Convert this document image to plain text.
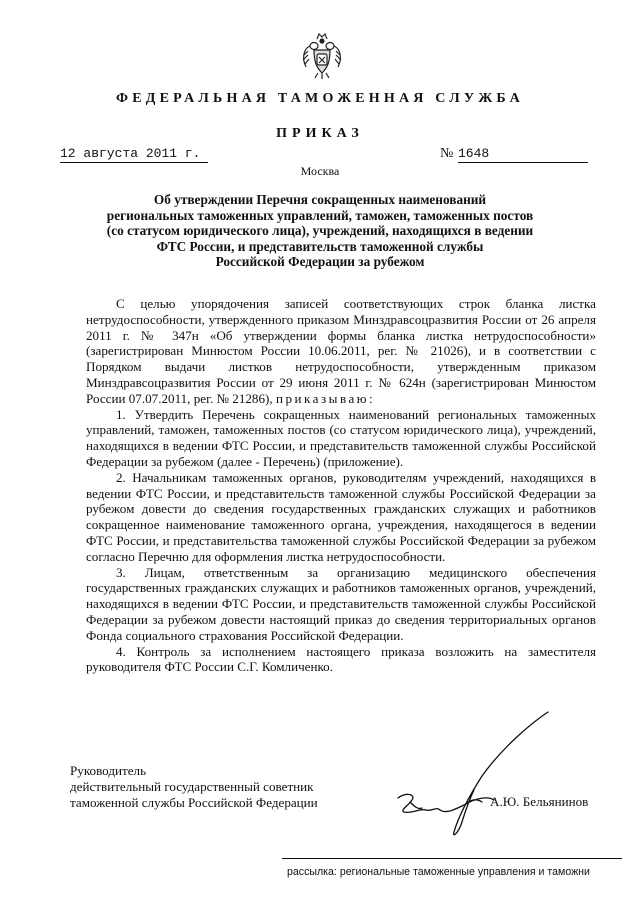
ФЕДЕРАЛЬНАЯ ТАМОЖЕННАЯ СЛУЖБА
ПРИКАЗ
12 августа 2011 г.	№ 1648
Москва
Об утверждении Перечня сокращенных наименований
региональных таможенных управлений, таможен, таможенных постов
(со статусом юридического лица), учреждений, находящихся в ведении
ФТС России, и представительств таможенной службы
Российской Федерации за рубежом

С целью упорядочения записей соответствующих строк бланка листка нетрудоспособности, утвержденного приказом Минздравсоцразвития России от 26 апреля 2011 г. № 347н «Об утверждении формы бланка листка нетрудоспособности» (зарегистрирован Минюстом России 10.06.2011, рег. № 21026), и в соответствии с Порядком выдачи листков нетрудоспособности, утвержденным приказом Минздравсоцразвития России от 29 июня 2011 г. № 624н (зарегистрирован Минюстом России 07.07.2011, рег. № 21286), приказываю:

1. Утвердить Перечень сокращенных наименований региональных таможенных управлений, таможен, таможенных постов (со статусом юридического лица), учреждений, находящихся в ведении ФТС России, и представительств таможенной службы Российской Федерации за рубежом (далее - Перечень) (приложение).

2. Начальникам таможенных органов, руководителям учреждений, находящихся в ведении ФТС России, и представительств таможенной службы Российской Федерации за рубежом довести до сведения государственных гражданских служащих и работников сокращенное наименование таможенного органа, учреждения, находящегося в ведении ФТС России, и представительства таможенной службы Российской Федерации за рубежом согласно Перечню для оформления листка нетрудоспособности.

3. Лицам, ответственным за организацию медицинского обеспечения государственных гражданских служащих и работников таможенных органов, учреждений, находящихся в ведении ФТС России, и представительств таможенной службы Российской Федерации за рубежом довести настоящий приказ до сведения территориальных органов Фонда социального страхования Российской Федерации.

4. Контроль за исполнением настоящего приказа возложить на заместителя руководителя ФТС России С.Г. Комличенко.

Руководитель
действительный государственный советник
таможенной службы Российской Федерации	А.Ю. Бельянинов
рассылка: региональные таможенные управления и таможни
